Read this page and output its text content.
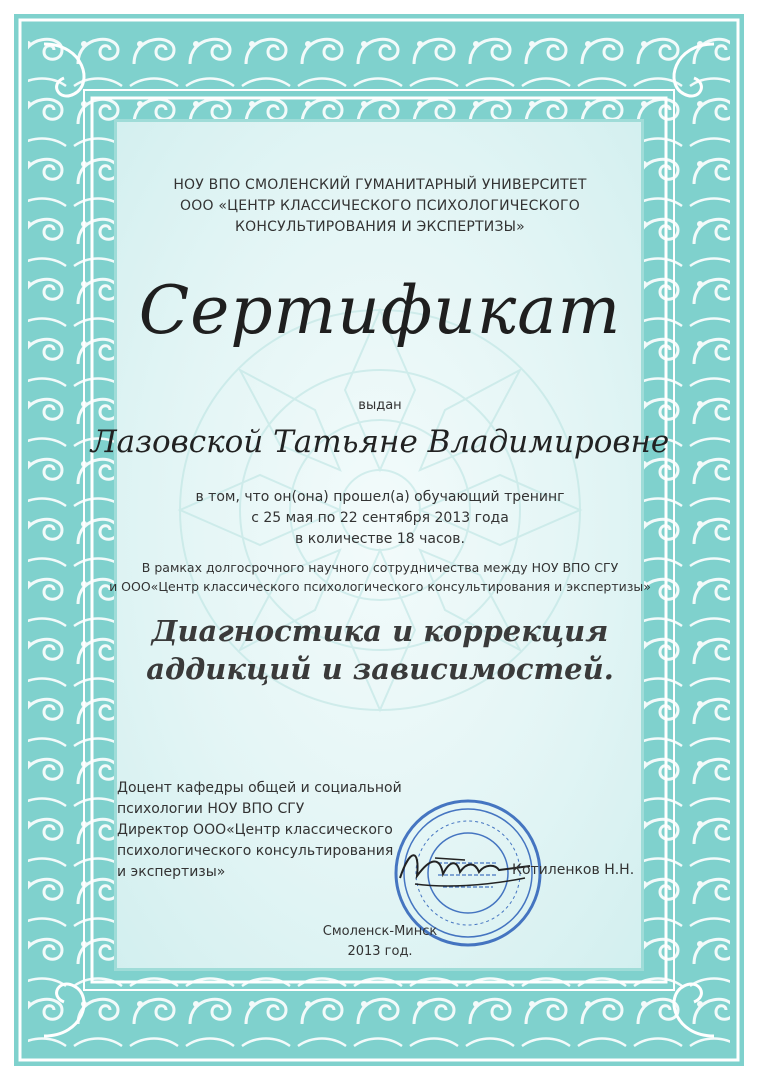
НОУ ВПО СМОЛЕНСКИЙ ГУМАНИТАРНЫЙ УНИВЕРСИТЕТ
ООО «ЦЕНТР КЛАССИЧЕСКОГО ПСИХОЛОГИЧЕСКОГО
КОНСУЛЬТИРОВАНИЯ И ЭКСПЕРТИЗЫ»
Сертификат
выдан
Лазовской Татьяне Владимировне
в том, что он(она) прошел(а) обучающий тренинг
с 25 мая по 22 сентября 2013 года
в количестве 18 часов.
В рамках долгосрочного научного сотрудничества между НОУ ВПО СГУ
и ООО«Центр классического психологического консультирования и экспертизы»
Диагностика и коррекция
аддикций и зависимостей.
Доцент кафедры общей и социальной
психологии НОУ ВПО СГУ
Директор ООО«Центр классического
психологического консультирования
и экспертизы»	Котиленков Н.Н.
Смоленск-Минск
2013 год.
